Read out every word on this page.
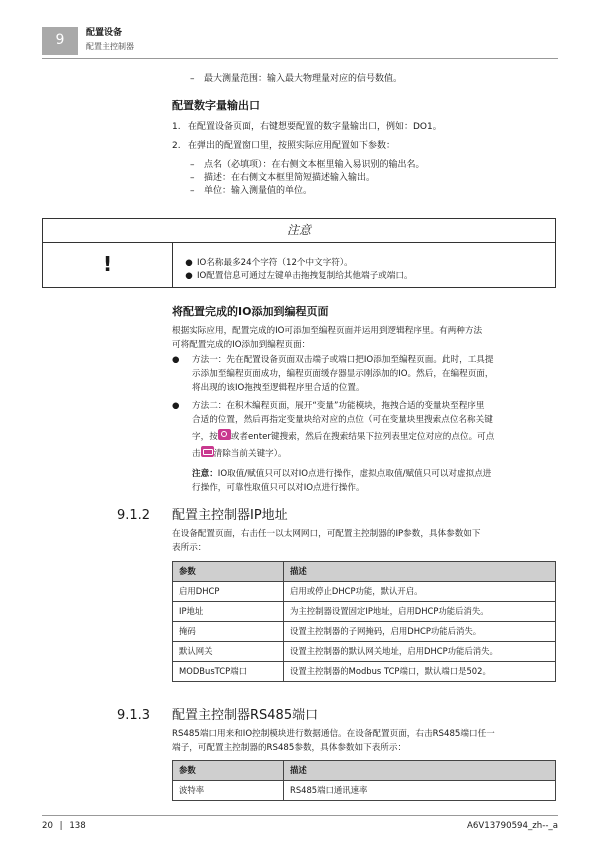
9	配置设备
配置主控制器
– 最大测量范围：输入最大物理量对应的信号数值。
配置数字量输出口
1. 在配置设备页面，右键想要配置的数字量输出口，例如：DO1。
2. 在弹出的配置窗口里，按照实际应用配置如下参数：
– 点名（必填项）：在右侧文本框里输入易识别的输出名。
– 描述：在右侧文本框里简短描述输入输出。
– 单位：输入测量值的单位。
注意
!	● IO名称最多24个字符（12个中文字符）。
● IO配置信息可通过左键单击拖拽复制给其他端子或端口。
将配置完成的IO添加到编程页面
根据实际应用，配置完成的IO可添加至编程页面并运用到逻辑程序里。有两种方法
可将配置完成的IO添加到编程页面：
● 方法一：先在配置设备页面双击端子或端口把IO添加至编程页面。此时，工具提
示添加至编程页面成功，编程页面缓存器显示刚添加的IO。然后，在编程页面，
将出现的该IO拖拽至逻辑程序里合适的位置。
● 方法二：在积木编程页面，展开“变量”功能模块，拖拽合适的变量块至程序里
合适的位置，然后再指定变量块给对应的点位（可在变量块里搜索点位名称关键
字，按 或者enter键搜索，然后在搜索结果下拉列表里定位对应的点位。可点
击 清除当前关键字）。
注意：IO取值/赋值只可以对IO点进行操作，虚拟点取值/赋值只可以对虚拟点进
行操作，可靠性取值只可以对IO点进行操作。
9.1.2 配置主控制器IP地址
在设备配置页面，右击任一以太网网口，可配置主控制器的IP参数，具体参数如下
表所示：
参数	描述
启用DHCP	启用或停止DHCP功能，默认开启。
IP地址	为主控制器设置固定IP地址，启用DHCP功能后消失。
掩码	设置主控制器的子网掩码，启用DHCP功能后消失。
默认网关	设置主控制器的默认网关地址，启用DHCP功能后消失。
MODBusTCP端口	设置主控制器的Modbus TCP端口，默认端口是502。
9.1.3 配置主控制器RS485端口
RS485端口用来和IO控制模块进行数据通信。在设备配置页面，右击RS485端口任一
端子，可配置主控制器的RS485参数，具体参数如下表所示：
参数	描述
波特率	RS485端口通讯速率
20 | 138	A6V13790594_zh--_a
